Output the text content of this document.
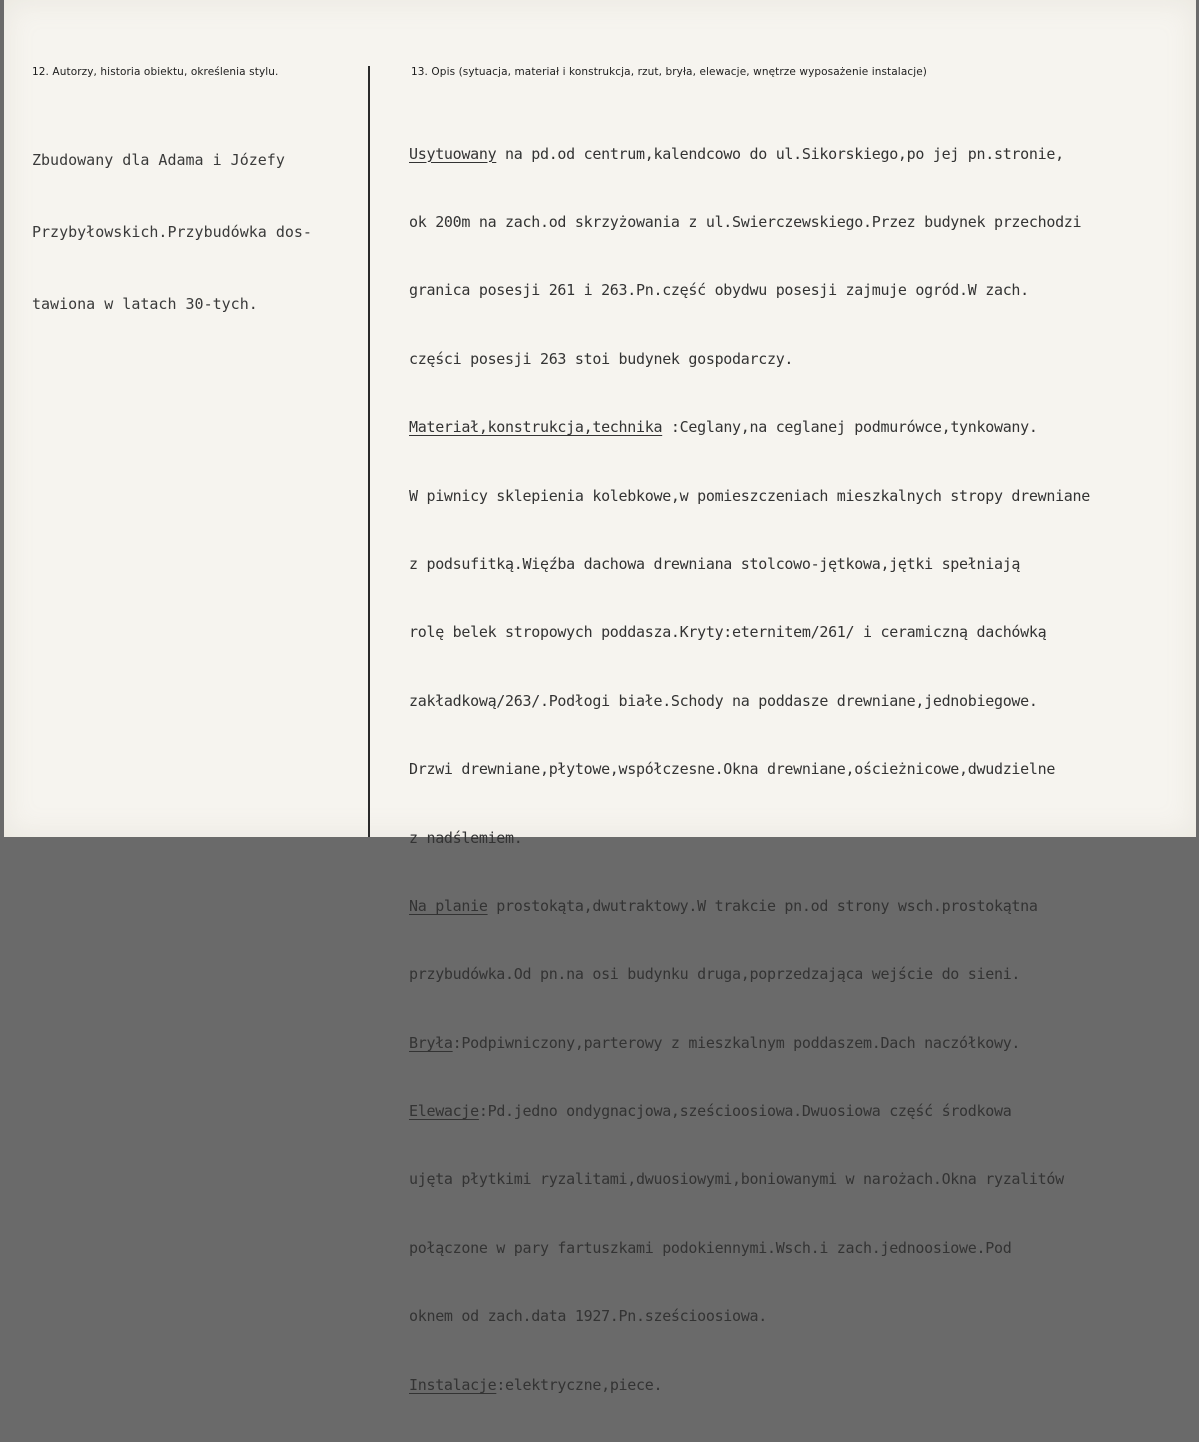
12. Autorzy, historia obiektu, określenia stylu.	13. Opis (sytuacja, materiał i konstrukcja, rzut, bryła, elewacje, wnętrze wyposażenie instalacje)

Zbudowany dla Adama i Józefy

Przybyłowskich.Przybudówka dos-

tawiona w latach 30-tych.

Usytuowany na pd.od centrum,kalendcowo do ul.Sikorskiego,po jej pn.stronie,

ok 200m na zach.od skrzyżowania z ul.Swierczewskiego.Przez budynek przechodzi

granica posesji 261 i 263.Pn.część obydwu posesji zajmuje ogród.W zach.

części posesji 263 stoi budynek gospodarczy.

Materiał,konstrukcja,technika :Ceglany,na ceglanej podmurówce,tynkowany.

W piwnicy sklepienia kolebkowe,w pomieszczeniach mieszkalnych stropy drewniane

z podsufitką.Więźba dachowa drewniana stolcowo-jętkowa,jętki spełniają

rolę belek stropowych poddasza.Kryty:eternitem/261/ i ceramiczną dachówką

zakładkową/263/.Podłogi białe.Schody na poddasze drewniane,jednobiegowe.

Drzwi drewniane,płytowe,współczesne.Okna drewniane,ościeżnicowe,dwudzielne

z nadślemiem.

Na planie prostokąta,dwutraktowy.W trakcie pn.od strony wsch.prostokątna

przybudówka.Od pn.na osi budynku druga,poprzedzająca wejście do sieni.

Bryła:Podpiwniczony,parterowy z mieszkalnym poddaszem.Dach naczółkowy.

Elewacje:Pd.jedno ondygnacjowa,sześcioosiowa.Dwuosiowa część środkowa

ujęta płytkimi ryzalitami,dwuosiowymi,boniowanymi w narożach.Okna ryzalitów

połączone w pary fartuszkami podokiennymi.Wsch.i zach.jednoosiowe.Pod

oknem od zach.data 1927.Pn.sześcioosiowa.

Instalacje:elektryczne,piece.
